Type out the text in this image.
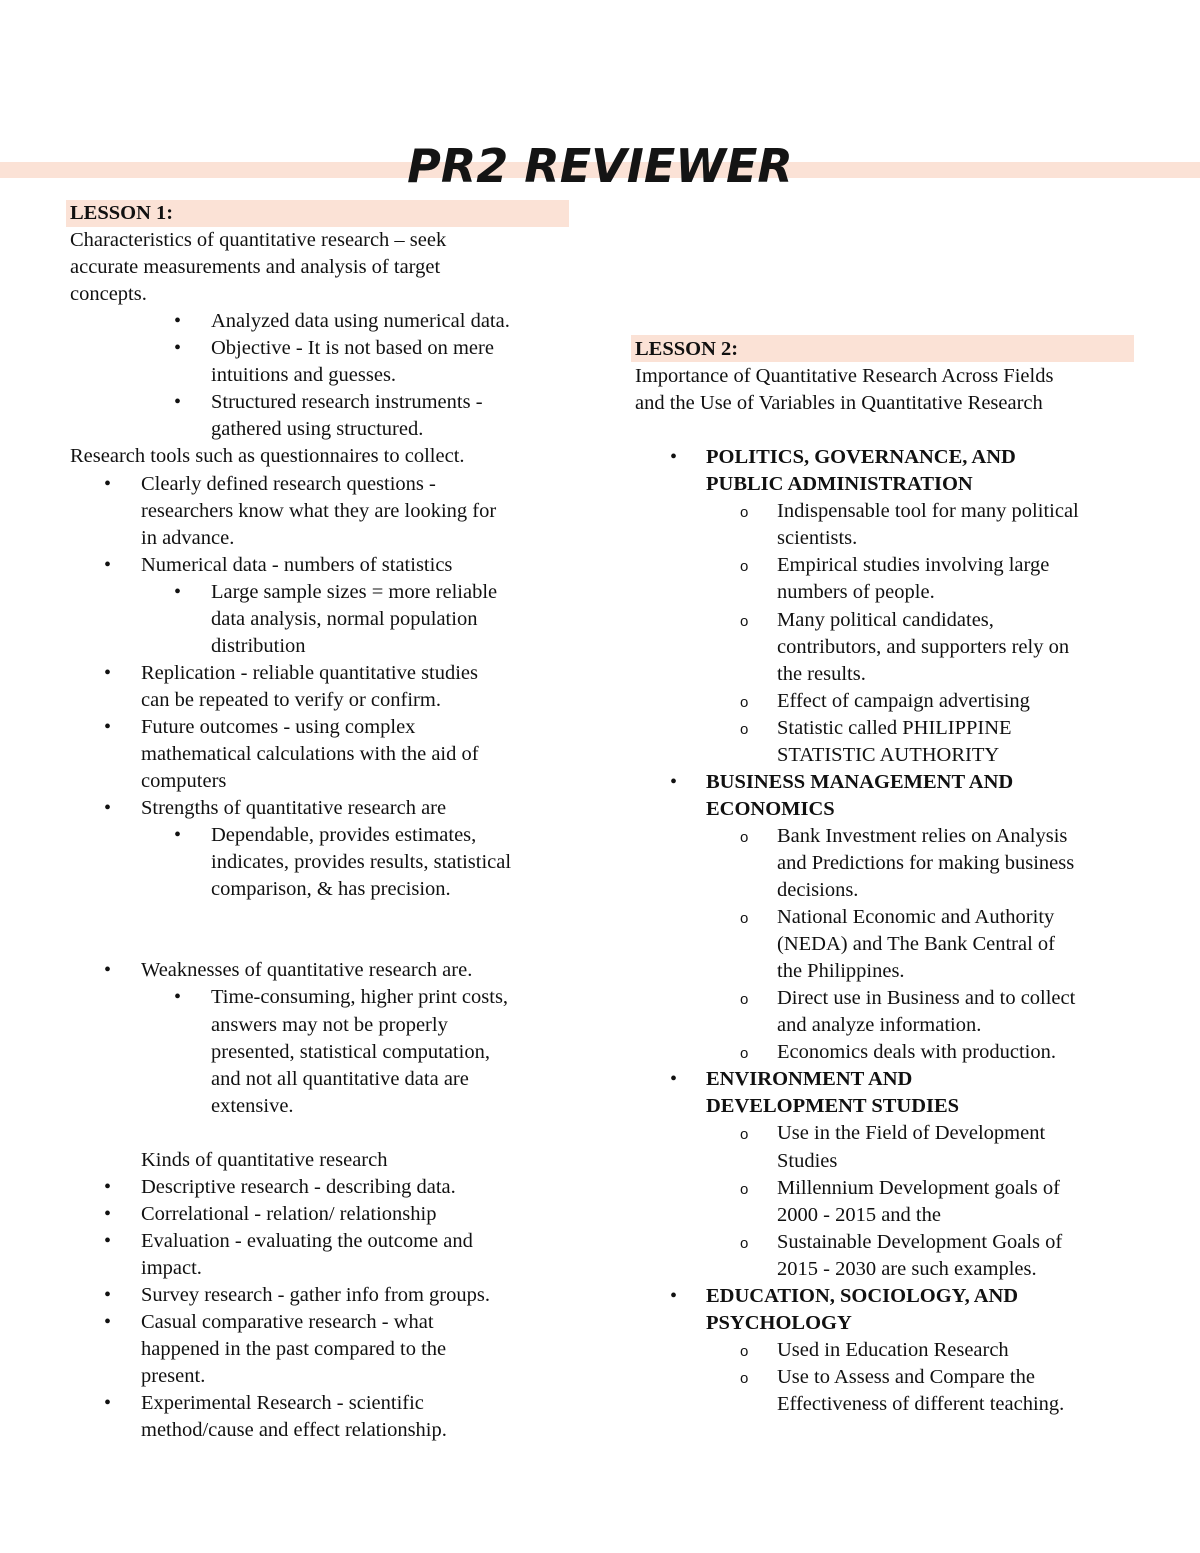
PR2 REVIEWER
LESSON 1:
Characteristics of quantitative research – seek
accurate measurements and analysis of target
concepts.
• Analyzed data using numerical data.
• Objective - It is not based on mere
intuitions and guesses.
• Structured research instruments -
gathered using structured.
Research tools such as questionnaires to collect.
• Clearly defined research questions -
researchers know what they are looking for
in advance.
• Numerical data - numbers of statistics
• Large sample sizes = more reliable
data analysis, normal population
distribution
• Replication - reliable quantitative studies
can be repeated to verify or confirm.
• Future outcomes - using complex
mathematical calculations with the aid of
computers
• Strengths of quantitative research are
• Dependable, provides estimates,
indicates, provides results, statistical
comparison, & has precision.
• Weaknesses of quantitative research are.
• Time-consuming, higher print costs,
answers may not be properly
presented, statistical computation,
and not all quantitative data are
extensive.
Kinds of quantitative research
• Descriptive research - describing data.
• Correlational - relation/ relationship
• Evaluation - evaluating the outcome and
impact.
• Survey research - gather info from groups.
• Casual comparative research - what
happened in the past compared to the
present.
• Experimental Research - scientific
method/cause and effect relationship.
LESSON 2:
Importance of Quantitative Research Across Fields
and the Use of Variables in Quantitative Research
• POLITICS, GOVERNANCE, AND
PUBLIC ADMINISTRATION
o Indispensable tool for many political
scientists.
o Empirical studies involving large
numbers of people.
o Many political candidates,
contributors, and supporters rely on
the results.
o Effect of campaign advertising
o Statistic called PHILIPPINE
STATISTIC AUTHORITY
• BUSINESS MANAGEMENT AND
ECONOMICS
o Bank Investment relies on Analysis
and Predictions for making business
decisions.
o National Economic and Authority
(NEDA) and The Bank Central of
the Philippines.
o Direct use in Business and to collect
and analyze information.
o Economics deals with production.
• ENVIRONMENT AND
DEVELOPMENT STUDIES
o Use in the Field of Development
Studies
o Millennium Development goals of
2000 - 2015 and the
o Sustainable Development Goals of
2015 - 2030 are such examples.
• EDUCATION, SOCIOLOGY, AND
PSYCHOLOGY
o Used in Education Research
o Use to Assess and Compare the
Effectiveness of different teaching.
